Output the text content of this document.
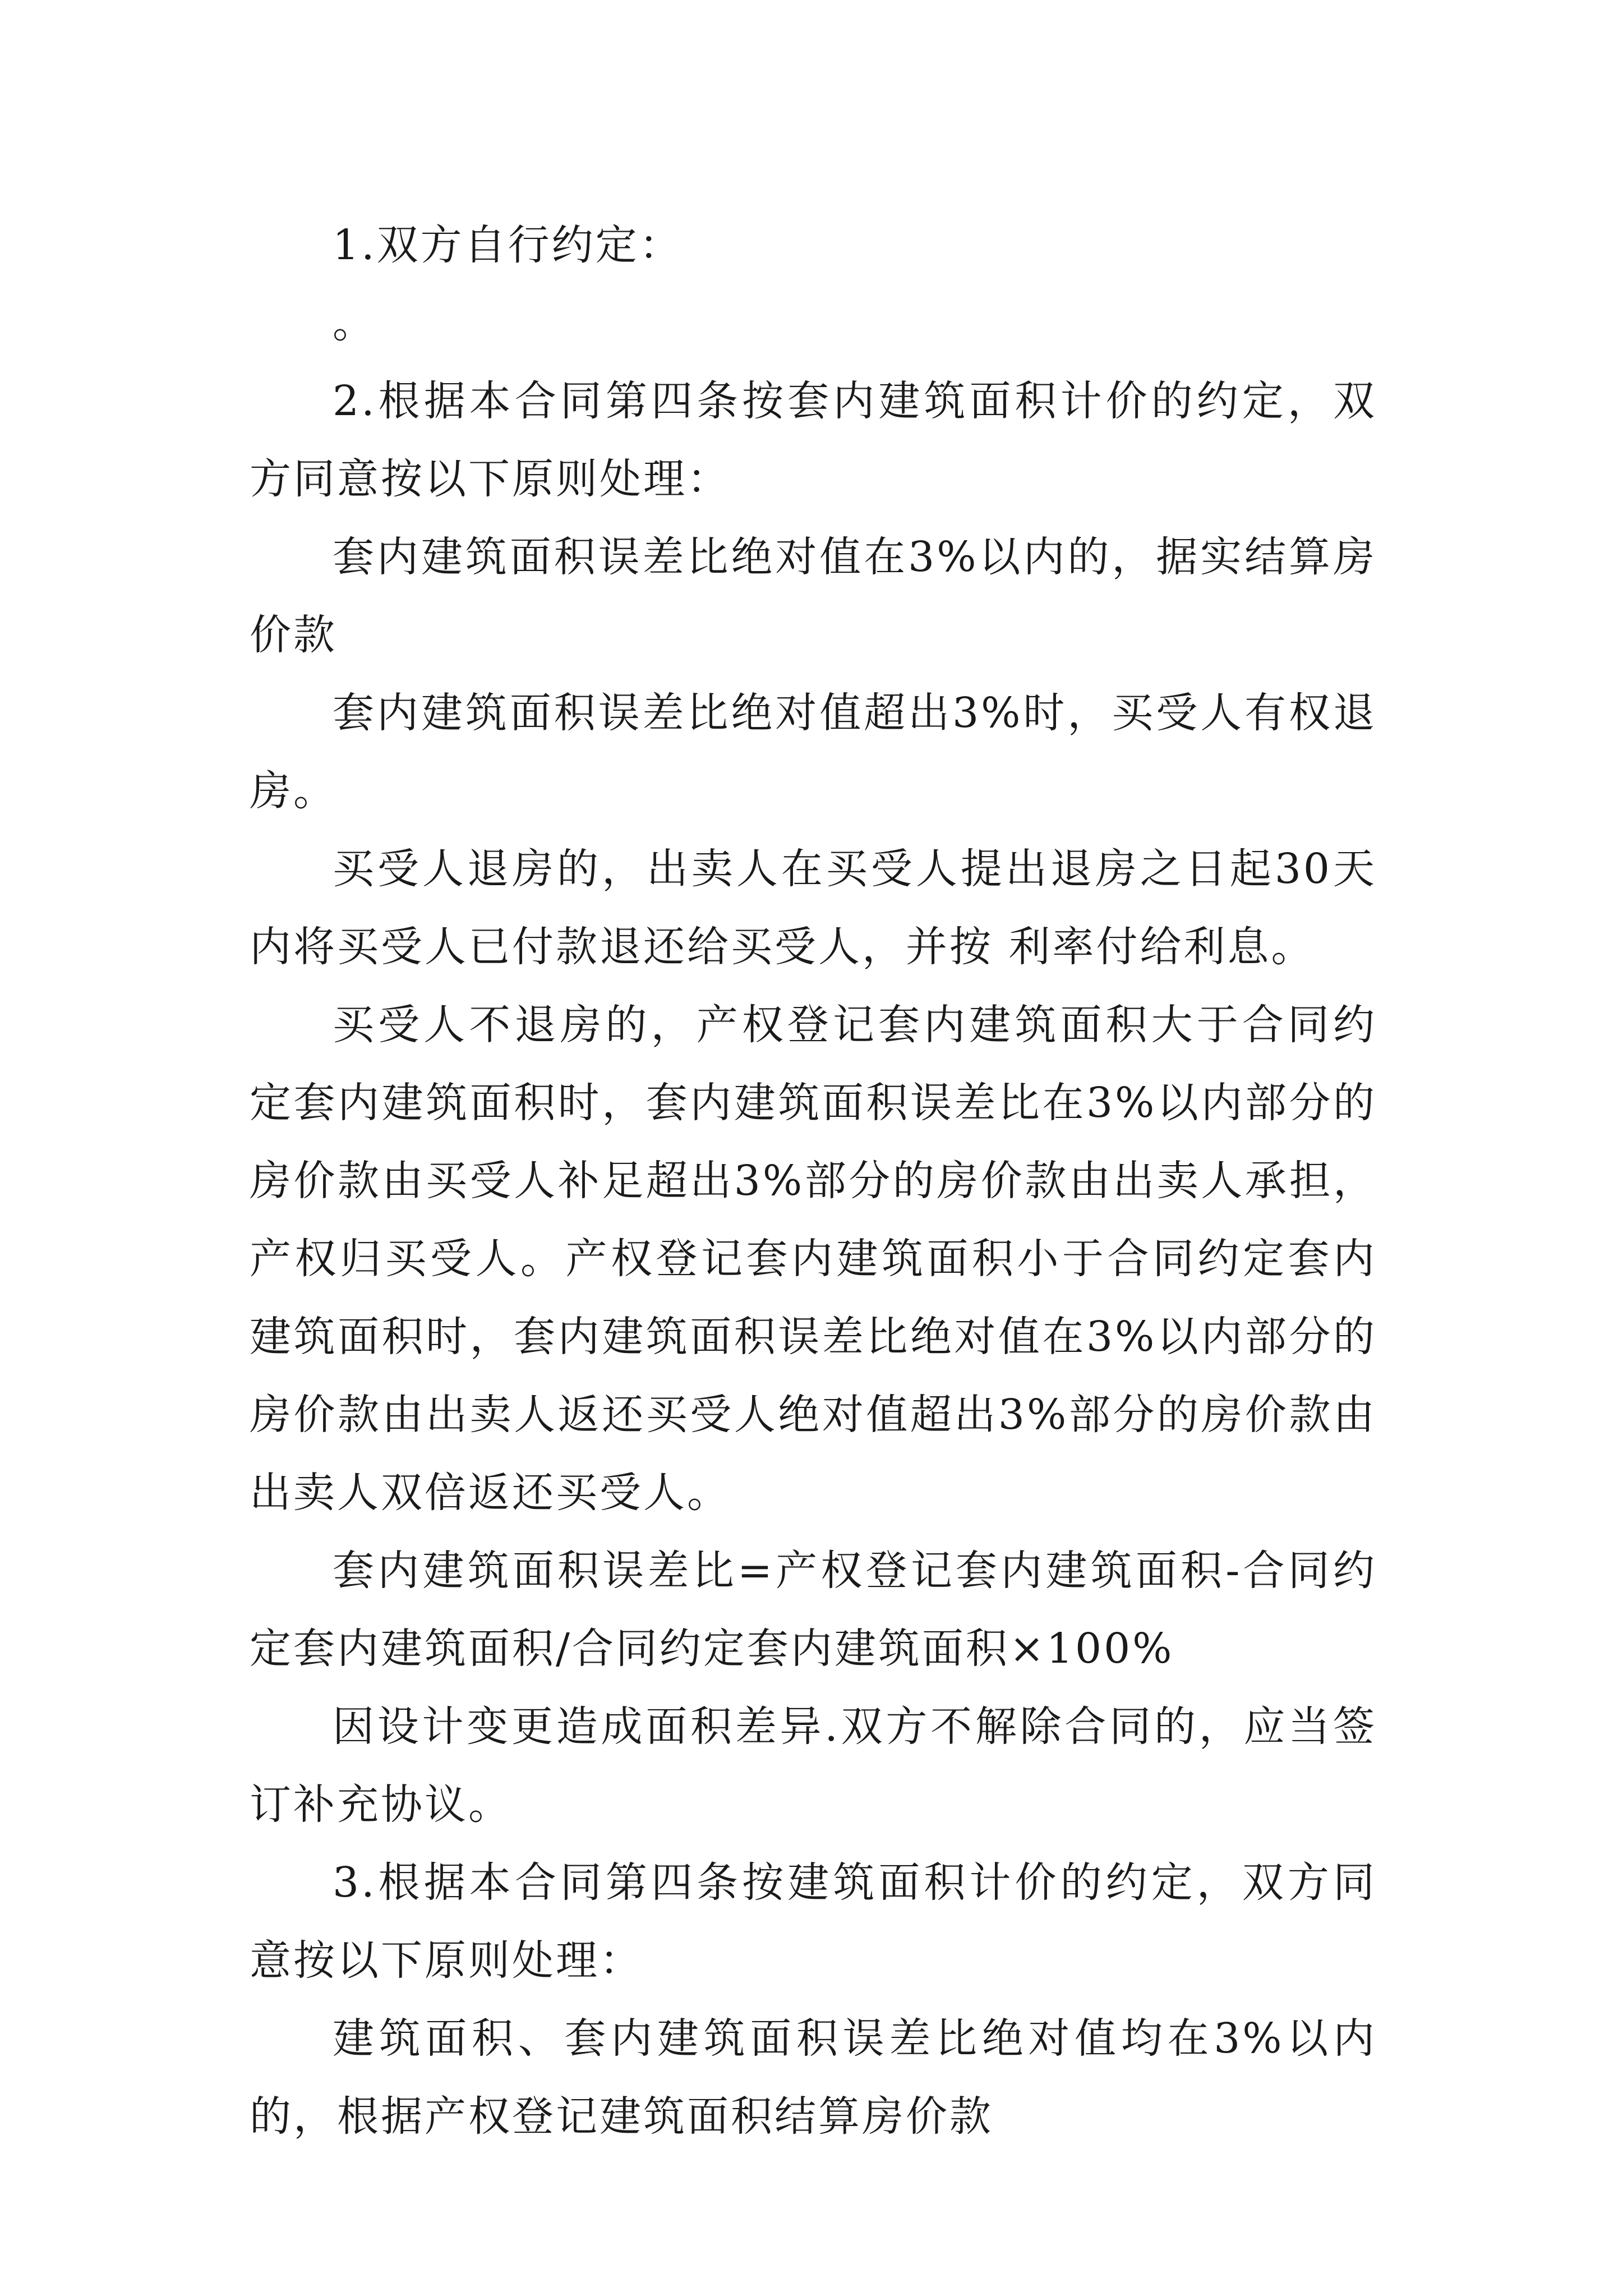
1.双方自行约定：

。

2.根据本合同第四条按套内建筑面积计价的约定，双方同意按以下原则处理：

套内建筑面积误差比绝对值在3%以内的，据实结算房价款

套内建筑面积误差比绝对值超出3%时，买受人有权退房。

买受人退房的，出卖人在买受人提出退房之日起30天内将买受人已付款退还给买受人，并按 利率付给利息。

买受人不退房的，产权登记套内建筑面积大于合同约定套内建筑面积时，套内建筑面积误差比在3%以内部分的房价款由买受人补足超出3%部分的房价款由出卖人承担，产权归买受人。产权登记套内建筑面积小于合同约定套内建筑面积时，套内建筑面积误差比绝对值在3%以内部分的房价款由出卖人返还买受人绝对值超出3%部分的房价款由出卖人双倍返还买受人。

套内建筑面积误差比=产权登记套内建筑面积-合同约定套内建筑面积/合同约定套内建筑面积×100%

因设计变更造成面积差异.双方不解除合同的，应当签订补充协议。

3.根据本合同第四条按建筑面积计价的约定，双方同意按以下原则处理：

建筑面积、套内建筑面积误差比绝对值均在3%以内的，根据产权登记建筑面积结算房价款
